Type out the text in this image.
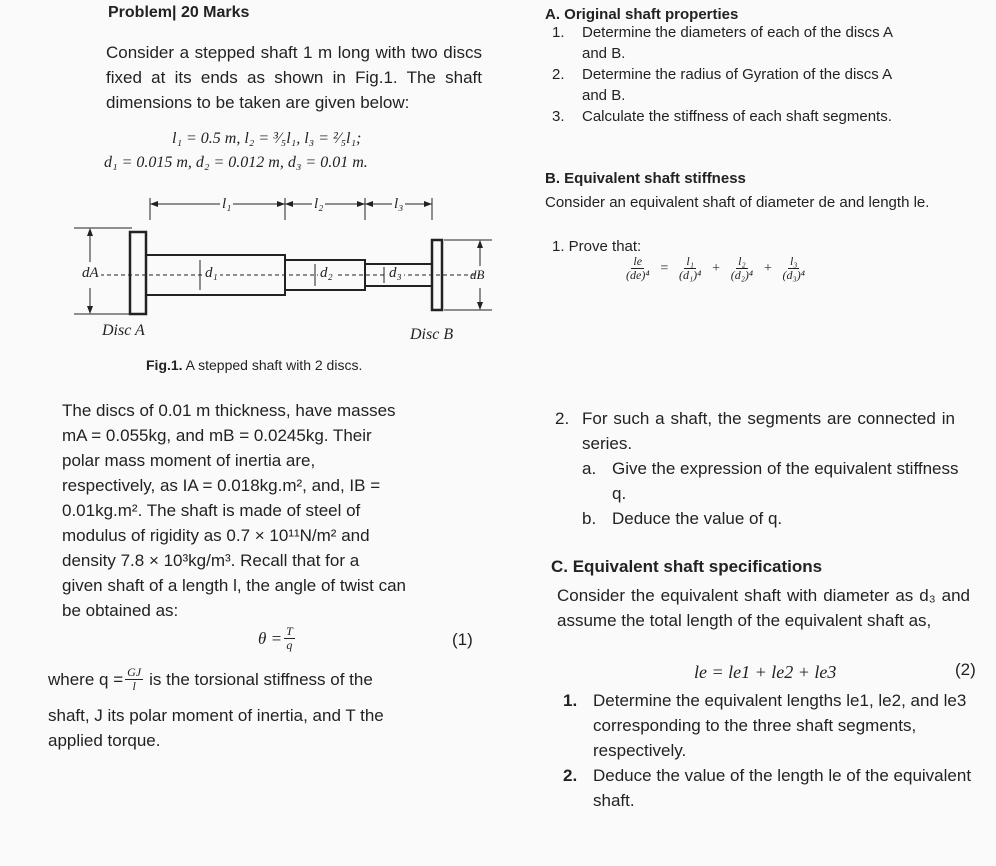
Problem| 20 Marks
Consider a stepped shaft 1 m long with two discs fixed at its ends as shown in Fig.1. The shaft dimensions to be taken are given below:
l₁ = 0.5 m, l₂ = ³⁄₅l₁, l₃ = ²⁄₅l₁;
d₁ = 0.015 m, d₂ = 0.012 m, d₃ = 0.01 m.
l₁	l₂	l₃
dA	d₁	d₂	d₃	dB
Disc A	Disc B
Fig.1. A stepped shaft with 2 discs.
The discs of 0.01 m thickness, have masses
mA = 0.055kg, and mB = 0.0245kg. Their
polar mass moment of inertia are,
respectively, as IA = 0.018kg.m², and, IB =
0.01kg.m². The shaft is made of steel of
modulus of rigidity as 0.7 × 10¹¹N/m² and
density 7.8 × 10³kg/m³. Recall that for a
given shaft of a length l, the angle of twist can
be obtained as:
$\theta = \frac{T}{q}$	(1)
where $q = \frac{GJ}{l}$ is the torsional stiffness of the
shaft, J its polar moment of inertia, and T the
applied torque.
A. Original shaft properties
1. Determine the diameters of each of the discs A and B.
2. Determine the radius of Gyration of the discs A and B.
3. Calculate the stiffness of each shaft segments.
B. Equivalent shaft stiffness
Consider an equivalent shaft of diameter de and length le.
1. Prove that:
$\frac{le}{\text{(de)⁴}} = \frac{\text{l₁}}{\text{(d₁)⁴}} + \frac{\text{l₂}}{\text{(d₂)⁴}} + \frac{\text{l₃}}{\text{(d₃)⁴}}$
2. For such a shaft, the segments are connected in series.
a. Give the expression of the equivalent stiffness q.
b. Deduce the value of q.
C. Equivalent shaft specifications
Consider the equivalent shaft with diameter as d₃ and assume the total length of the equivalent shaft as,
le = le1 + le2 + le3	(2)
1. Determine the equivalent lengths le1, le2, and le3 corresponding to the three shaft segments, respectively.
2. Deduce the value of the length le of the equivalent shaft.
